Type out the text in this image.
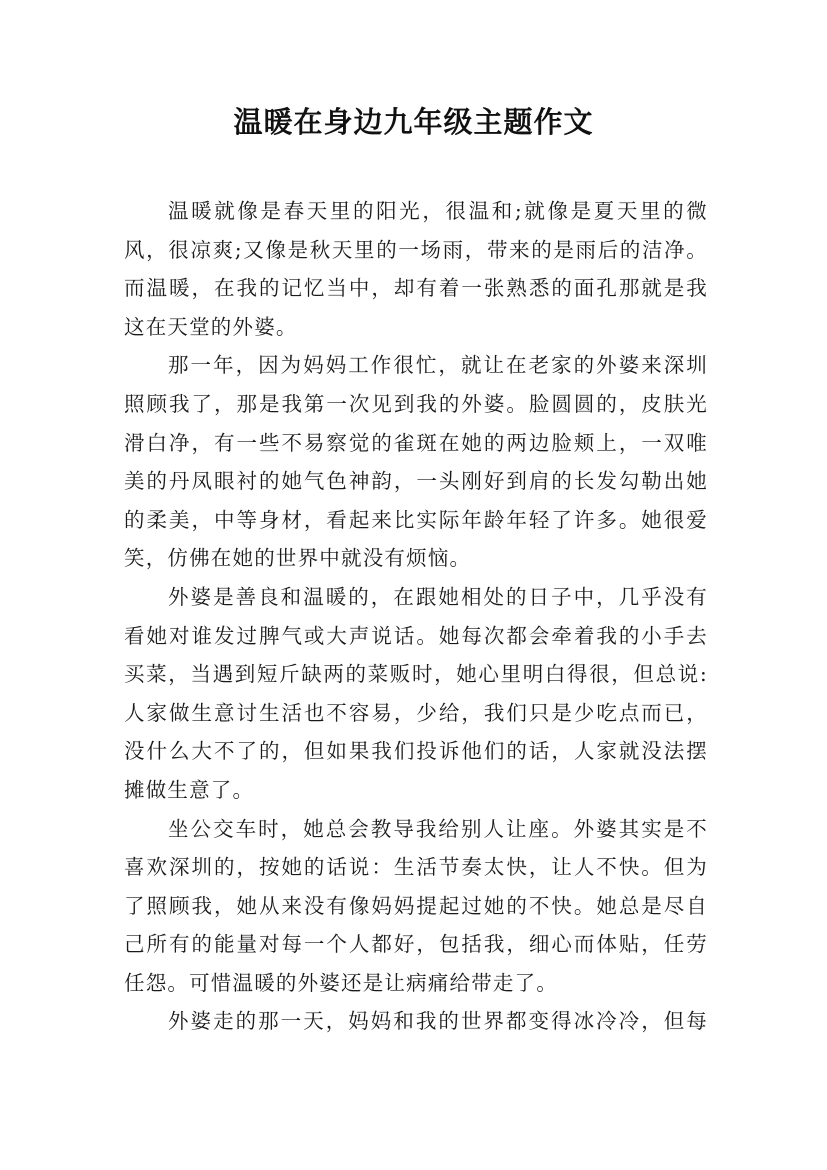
温暖在身边九年级主题作文
温暖就像是春天里的阳光，很温和;就像是夏天里的微
风，很凉爽;又像是秋天里的一场雨，带来的是雨后的洁净。
而温暖，在我的记忆当中，却有着一张熟悉的面孔那就是我
这在天堂的外婆。
那一年，因为妈妈工作很忙，就让在老家的外婆来深圳
照顾我了，那是我第一次见到我的外婆。脸圆圆的，皮肤光
滑白净，有一些不易察觉的雀斑在她的两边脸颊上，一双唯
美的丹凤眼衬的她气色神韵，一头刚好到肩的长发勾勒出她
的柔美，中等身材，看起来比实际年龄年轻了许多。她很爱
笑，仿佛在她的世界中就没有烦恼。
外婆是善良和温暖的，在跟她相处的日子中，几乎没有
看她对谁发过脾气或大声说话。她每次都会牵着我的小手去
买菜，当遇到短斤缺两的菜贩时，她心里明白得很，但总说:
人家做生意讨生活也不容易，少给，我们只是少吃点而已，
没什么大不了的，但如果我们投诉他们的话，人家就没法摆
摊做生意了。
坐公交车时，她总会教导我给别人让座。外婆其实是不
喜欢深圳的，按她的话说：生活节奏太快，让人不快。但为
了照顾我，她从来没有像妈妈提起过她的不快。她总是尽自
己所有的能量对每一个人都好，包括我，细心而体贴，任劳
任怨。可惜温暖的外婆还是让病痛给带走了。
外婆走的那一天，妈妈和我的世界都变得冰冷冷，但每
